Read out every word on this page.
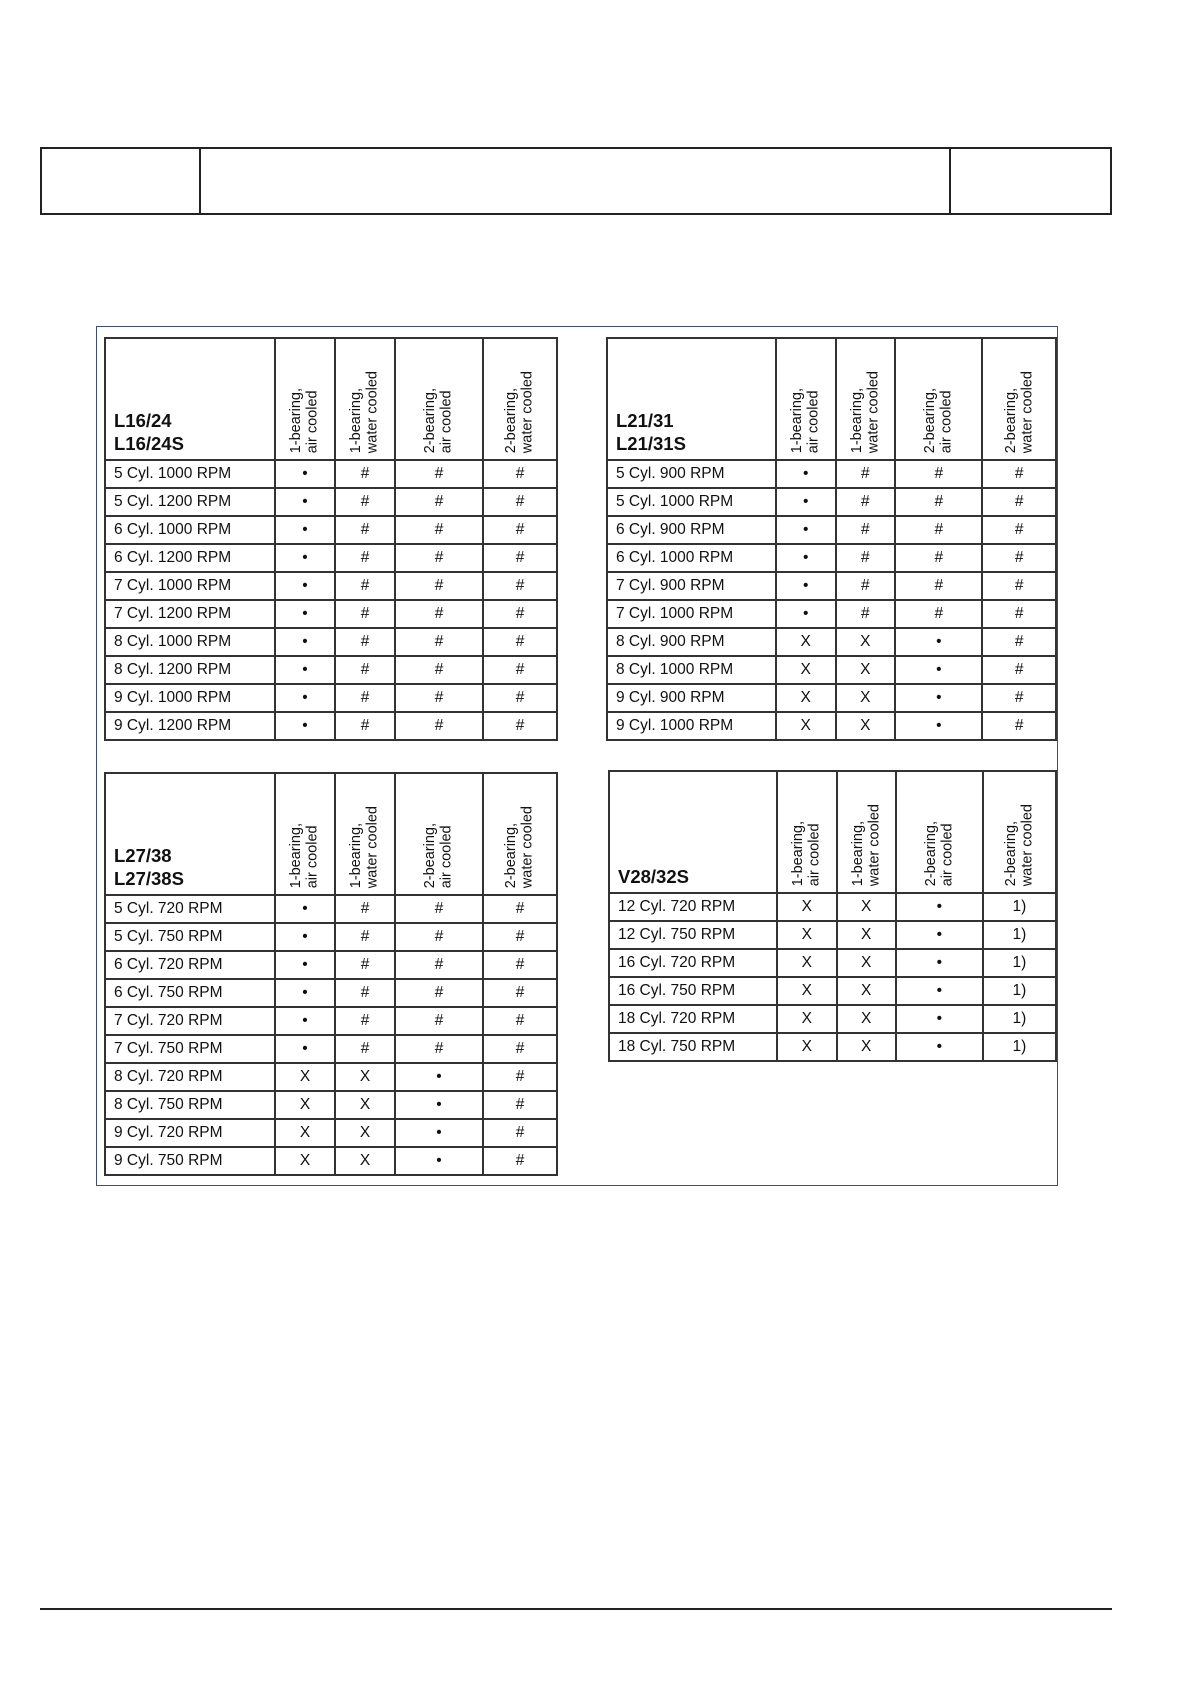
L16/24
L16/24S	1-bearing,
air cooled	1-bearing,
water cooled	2-bearing,
air cooled	2-bearing,
water cooled

5 Cyl. 1000 RPM	•	#	#	#
5 Cyl. 1200 RPM	•	#	#	#
6 Cyl. 1000 RPM	•	#	#	#
6 Cyl. 1200 RPM	•	#	#	#
7 Cyl. 1000 RPM	•	#	#	#
7 Cyl. 1200 RPM	•	#	#	#
8 Cyl. 1000 RPM	•	#	#	#
8 Cyl. 1200 RPM	•	#	#	#
9 Cyl. 1000 RPM	•	#	#	#
9 Cyl. 1200 RPM	•	#	#	#
L21/31
L21/31S	1-bearing,
air cooled	1-bearing,
water cooled	2-bearing,
air cooled	2-bearing,
water cooled

5 Cyl. 900 RPM	•	#	#	#
5 Cyl. 1000 RPM	•	#	#	#
6 Cyl. 900 RPM	•	#	#	#
6 Cyl. 1000 RPM	•	#	#	#
7 Cyl. 900 RPM	•	#	#	#
7 Cyl. 1000 RPM	•	#	#	#
8 Cyl. 900 RPM	X	X	•	#
8 Cyl. 1000 RPM	X	X	•	#
9 Cyl. 900 RPM	X	X	•	#
9 Cyl. 1000 RPM	X	X	•	#
L27/38
L27/38S	1-bearing,
air cooled	1-bearing,
water cooled	2-bearing,
air cooled	2-bearing,
water cooled

5 Cyl. 720 RPM	•	#	#	#
5 Cyl. 750 RPM	•	#	#	#
6 Cyl. 720 RPM	•	#	#	#
6 Cyl. 750 RPM	•	#	#	#
7 Cyl. 720 RPM	•	#	#	#
7 Cyl. 750 RPM	•	#	#	#
8 Cyl. 720 RPM	X	X	•	#
8 Cyl. 750 RPM	X	X	•	#
9 Cyl. 720 RPM	X	X	•	#
9 Cyl. 750 RPM	X	X	•	#
V28/32S	1-bearing,
air cooled	1-bearing,
water cooled	2-bearing,
air cooled	2-bearing,
water cooled

12 Cyl. 720 RPM	X	X	•	1)
12 Cyl. 750 RPM	X	X	•	1)
16 Cyl. 720 RPM	X	X	•	1)
16 Cyl. 750 RPM	X	X	•	1)
18 Cyl. 720 RPM	X	X	•	1)
18 Cyl. 750 RPM	X	X	•	1)
